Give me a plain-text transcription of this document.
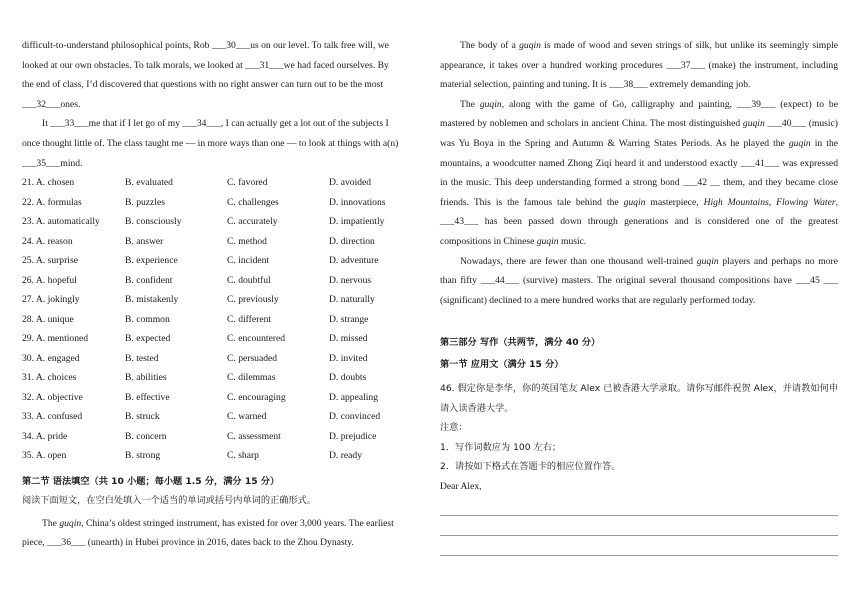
difficult-to-understand philosophical points, Rob ___30___us on our level. To talk free will, we
looked at our own obstacles. To talk morals, we looked at ___31___we had faced ourselves. By
the end of class, I’d discovered that questions with no right answer can turn out to be the most
___32___ones.
It ___33___me that if I let go of my ___34___, I can actually get a lot out of the subjects I
once thought little of. The class taught me — in more ways than one — to look at things with a(n)
___35___mind.
21. A. chosen	B. evaluated	C. favored	D. avoided
22. A. formulas	B. puzzles	C. challenges	D. innovations
23. A. automatically	B. consciously	C. accurately	D. impatiently
24. A. reason	B. answer	C. method	D. direction
25. A. surprise	B. experience	C. incident	D. adventure
26. A. hopeful	B. confident	C. doubtful	D. nervous
27. A. jokingly	B. mistakenly	C. previously	D. naturally
28. A. unique	B. common	C. different	D. strange
29. A. mentioned	B. expected	C. encountered	D. missed
30. A. engaged	B. tested	C. persuaded	D. invited
31. A. choices	B. abilities	C. dilemmas	D. doubts
32. A. objective	B. effective	C. encouraging	D. appealing
33. A. confused	B. struck	C. warned	D. convinced
34. A. pride	B. concern	C. assessment	D. prejudice
35. A. open	B. strong	C. sharp	D. ready

第二节 语法填空（共 10 小题；每小题 1.5 分，满分 15 分）

阅读下面短文，在空白处填入一个适当的单词或括号内单词的正确形式。

The guqin, China’s oldest stringed instrument, has existed for over 3,000 years. The earliest
piece, ___36___ (unearth) in Hubei province in 2016, dates back to the Zhou Dynasty.
The body of a guqin is made of wood and seven strings of silk, but unlike its seemingly simple appearance, it takes over a hundred working procedures ___37___ (make) the instrument, including material selection, painting and tuning. It is ___38___ extremely demanding job.
The guqin, along with the game of Go, calligraphy and painting, ___39___ (expect) to be mastered by noblemen and scholars in ancient China. The most distinguished guqin ___40___ (music) was Yu Boya in the Spring and Autumn & Warring States Periods. As he played the guqin in the mountains, a woodcutter named Zhong Ziqi heard it and understood exactly ___41___ was expressed in the music. This deep understanding formed a strong bond ___42 __ them, and they became close friends. This is the famous tale behind the guqin masterpiece, High Mountains, Flowing Water, ___43___ has been passed down through generations and is considered one of the greatest compositions in Chinese guqin music.
Nowadays, there are fewer than one thousand well-trained guqin players and perhaps no more than fifty ___44___ (survive) masters. The original several thousand compositions have ___45 ___ (significant) declined to a mere hundred works that are regularly performed today.

第三部分 写作（共两节，满分 40 分）

第一节 应用文（满分 15 分）

46. 假定你是李华，你的英国笔友 Alex 已被香港大学录取。请你写邮件祝贺 Alex，并请教如何申请入读香港大学。

注意：

1．写作词数应为 100 左右；

2．请按如下格式在答题卡的相应位置作答。

Dear Alex,
